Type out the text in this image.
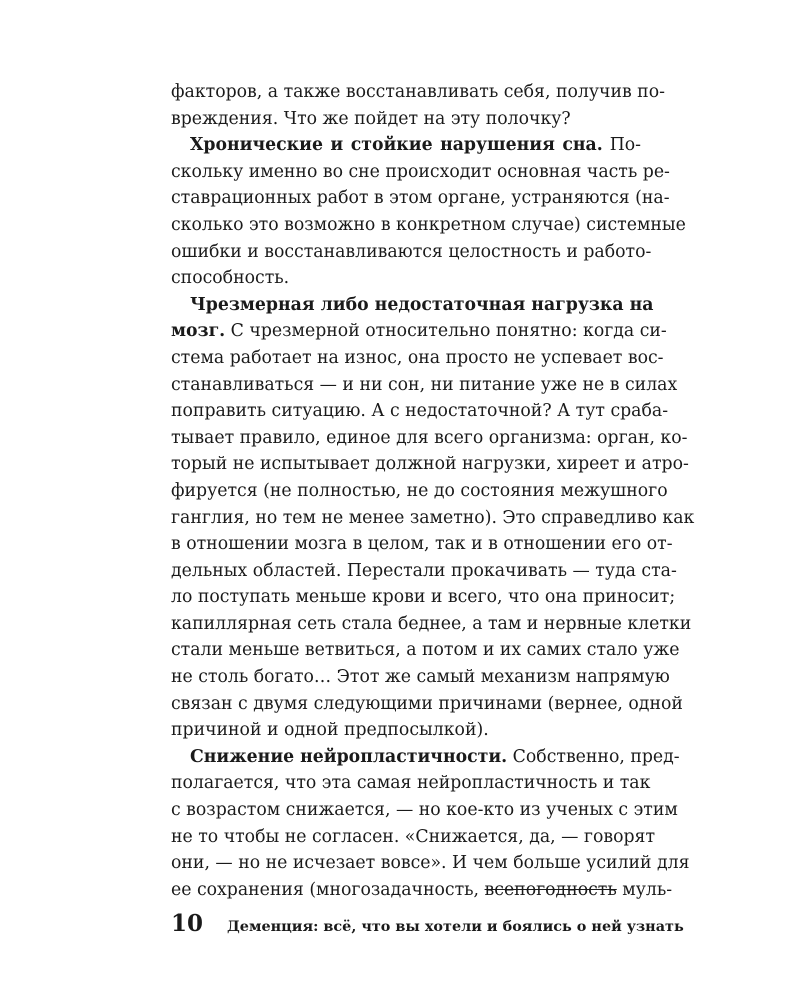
факторов, а также восстанавливать себя, получив по-
вреждения. Что же пойдет на эту полочку?
Хронические и стойкие нарушения сна. По-
скольку именно во сне происходит основная часть ре-
ставрационных работ в этом органе, устраняются (на-
сколько это возможно в конкретном случае) системные
ошибки и восстанавливаются целостность и работо-
способность.
Чрезмерная либо недостаточная нагрузка на
мозг. С чрезмерной относительно понятно: когда си-
стема работает на износ, она просто не успевает вос-
станавливаться — и ни сон, ни питание уже не в силах
поправить ситуацию. А с недостаточной? А тут сраба-
тывает правило, единое для всего организма: орган, ко-
торый не испытывает должной нагрузки, хиреет и атро-
фируется (не полностью, не до состояния межушного
ганглия, но тем не менее заметно). Это справедливо как
в отношении мозга в целом, так и в отношении его от-
дельных областей. Перестали прокачивать — туда ста-
ло поступать меньше крови и всего, что она приносит;
капиллярная сеть стала беднее, а там и нервные клетки
стали меньше ветвиться, а потом и их самих стало уже
не столь богато… Этот же самый механизм напрямую
связан с двумя следующими причинами (вернее, одной
причиной и одной предпосылкой).
Снижение нейропластичности. Собственно, пред-
полагается, что эта самая нейропластичность и так
с возрастом снижается, — но кое-кто из ученых с этим
не то чтобы не согласен. «Снижается, да, — говорят
они, — но не исчезает вовсе». И чем больше усилий для
ее сохранения (многозадачность, всепогодность муль-
10 Деменция: всё, что вы хотели и боялись о ней узнать
